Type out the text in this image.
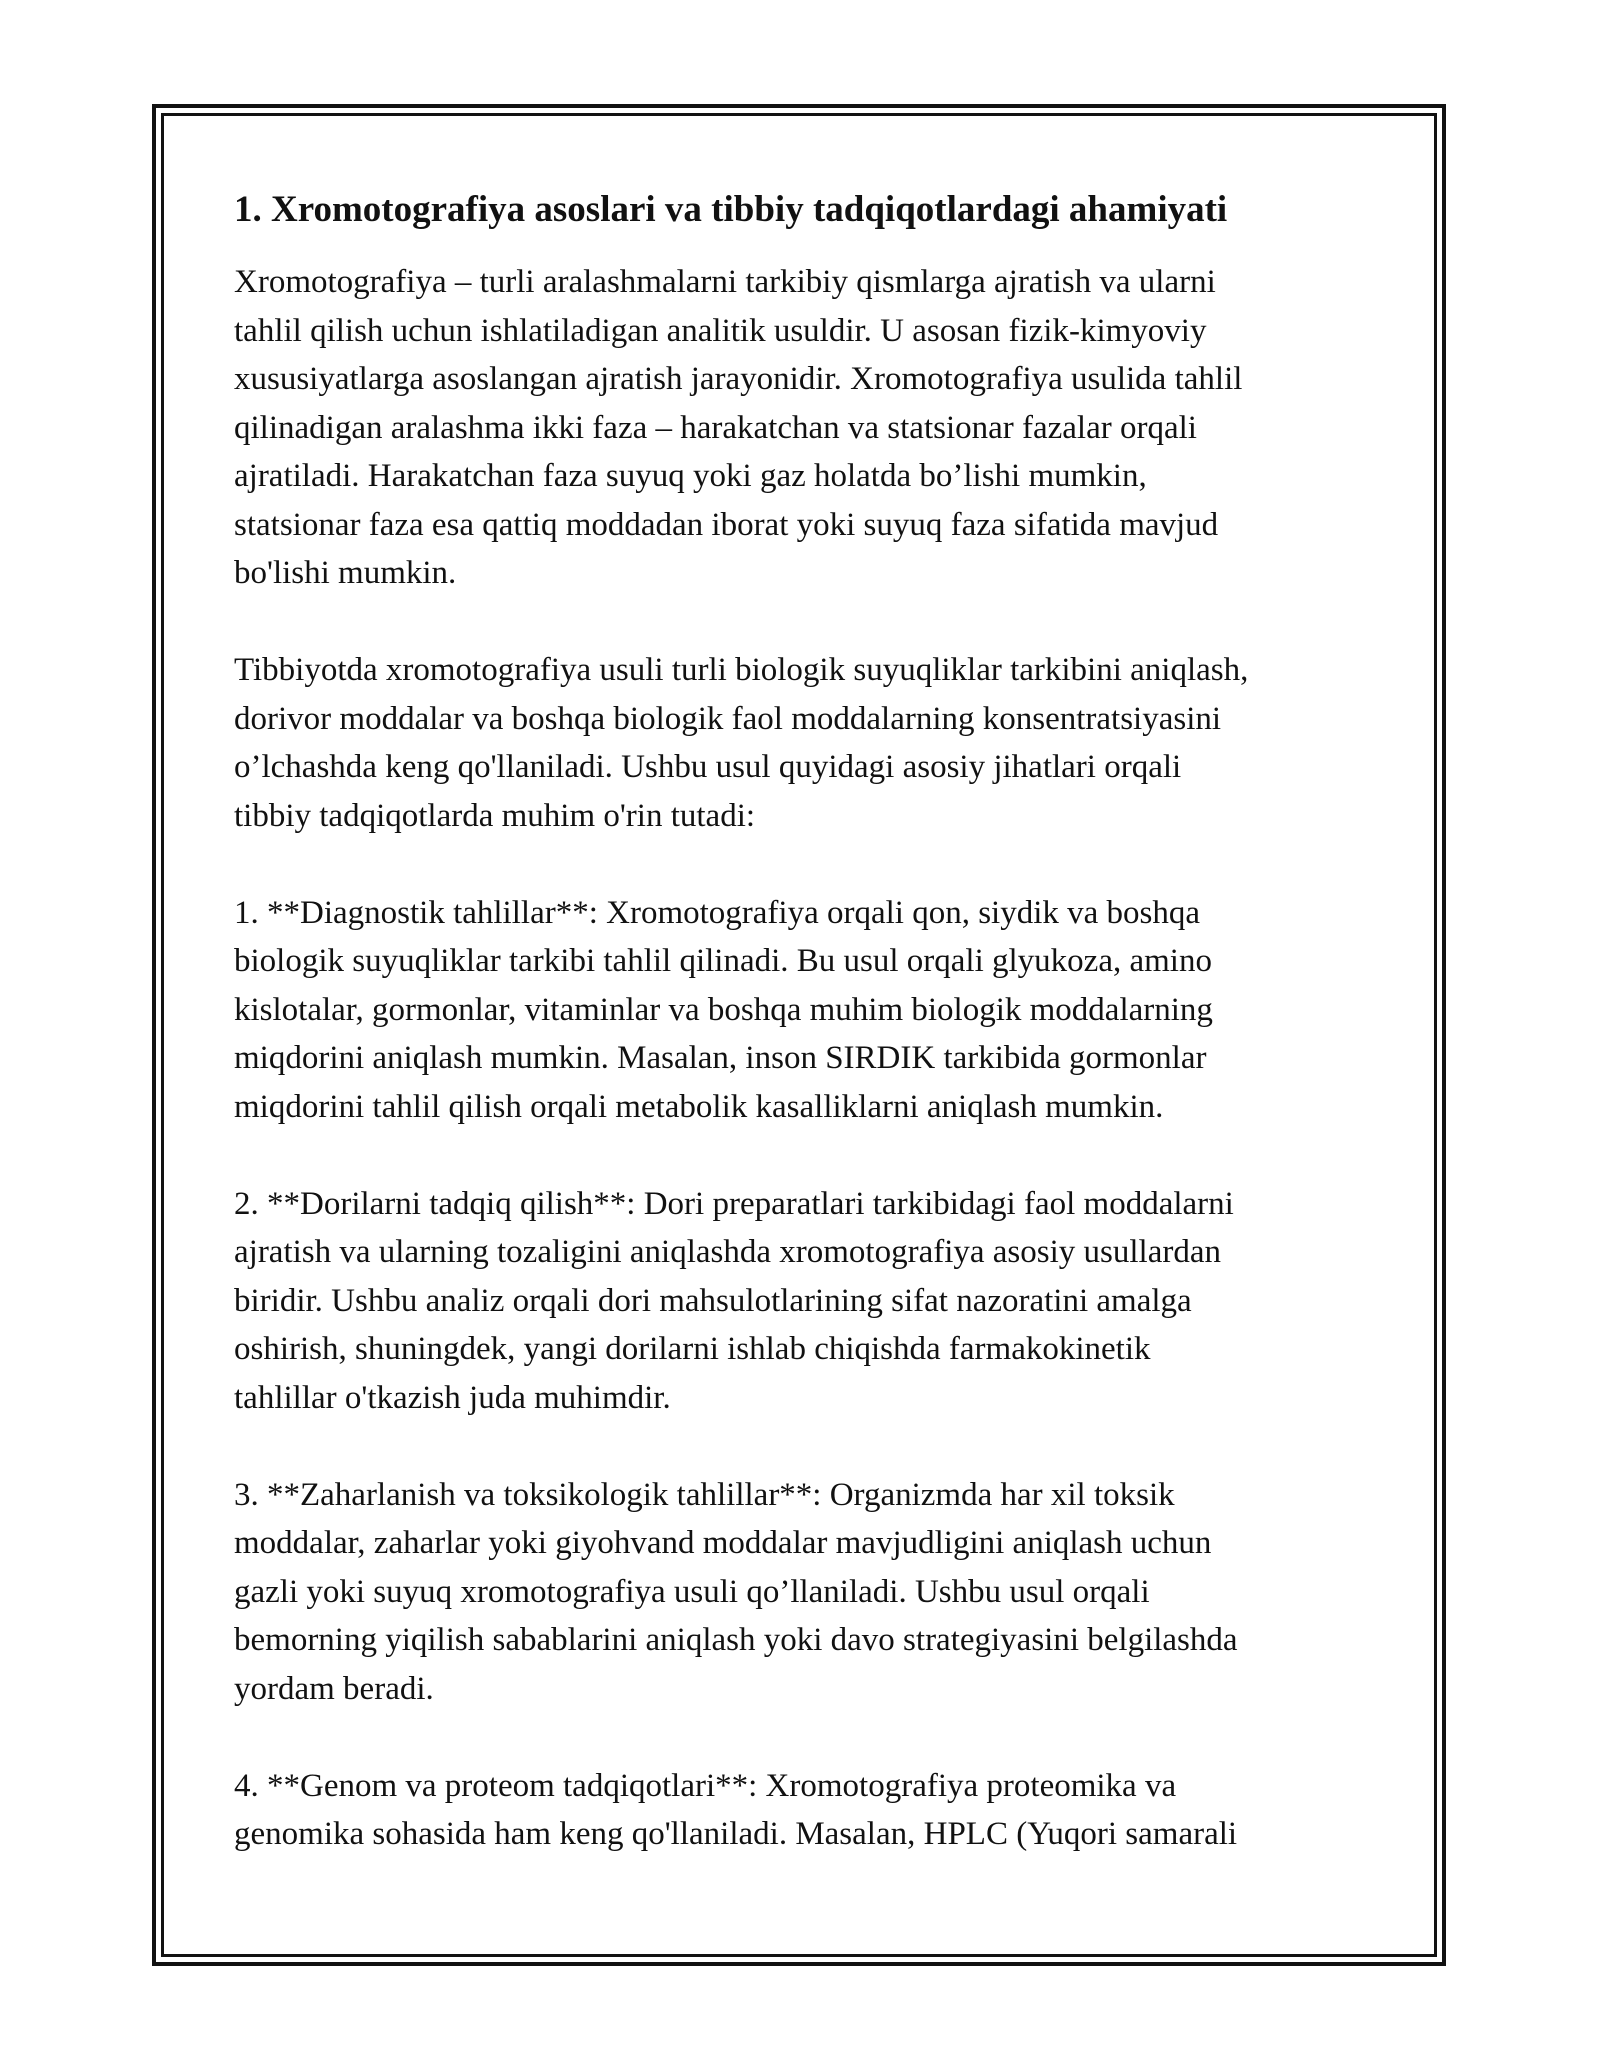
1. Xromotografiya asoslari va tibbiy tadqiqotlardagi ahamiyati

Xromotografiya – turli aralashmalarni tarkibiy qismlarga ajratish va ularni
tahlil qilish uchun ishlatiladigan analitik usuldir. U asosan fizik-kimyoviy
xususiyatlarga asoslangan ajratish jarayonidir. Xromotografiya usulida tahlil
qilinadigan aralashma ikki faza – harakatchan va statsionar fazalar orqali
ajratiladi. Harakatchan faza suyuq yoki gaz holatda bo’lishi mumkin,
statsionar faza esa qattiq moddadan iborat yoki suyuq faza sifatida mavjud
bo'lishi mumkin.

Tibbiyotda xromotografiya usuli turli biologik suyuqliklar tarkibini aniqlash,
dorivor moddalar va boshqa biologik faol moddalarning konsentratsiyasini
o’lchashda keng qo'llaniladi. Ushbu usul quyidagi asosiy jihatlari orqali
tibbiy tadqiqotlarda muhim o'rin tutadi:

1. **Diagnostik tahlillar**: Xromotografiya orqali qon, siydik va boshqa
biologik suyuqliklar tarkibi tahlil qilinadi. Bu usul orqali glyukoza, amino
kislotalar, gormonlar, vitaminlar va boshqa muhim biologik moddalarning
miqdorini aniqlash mumkin. Masalan, inson SIRDIK tarkibida gormonlar
miqdorini tahlil qilish orqali metabolik kasalliklarni aniqlash mumkin.

2. **Dorilarni tadqiq qilish**: Dori preparatlari tarkibidagi faol moddalarni
ajratish va ularning tozaligini aniqlashda xromotografiya asosiy usullardan
biridir. Ushbu analiz orqali dori mahsulotlarining sifat nazoratini amalga
oshirish, shuningdek, yangi dorilarni ishlab chiqishda farmakokinetik
tahlillar o'tkazish juda muhimdir.

3. **Zaharlanish va toksikologik tahlillar**: Organizmda har xil toksik
moddalar, zaharlar yoki giyohvand moddalar mavjudligini aniqlash uchun
gazli yoki suyuq xromotografiya usuli qo’llaniladi. Ushbu usul orqali
bemorning yiqilish sabablarini aniqlash yoki davo strategiyasini belgilashda
yordam beradi.

4. **Genom va proteom tadqiqotlari**: Xromotografiya proteomika va
genomika sohasida ham keng qo'llaniladi. Masalan, HPLC (Yuqori samarali
